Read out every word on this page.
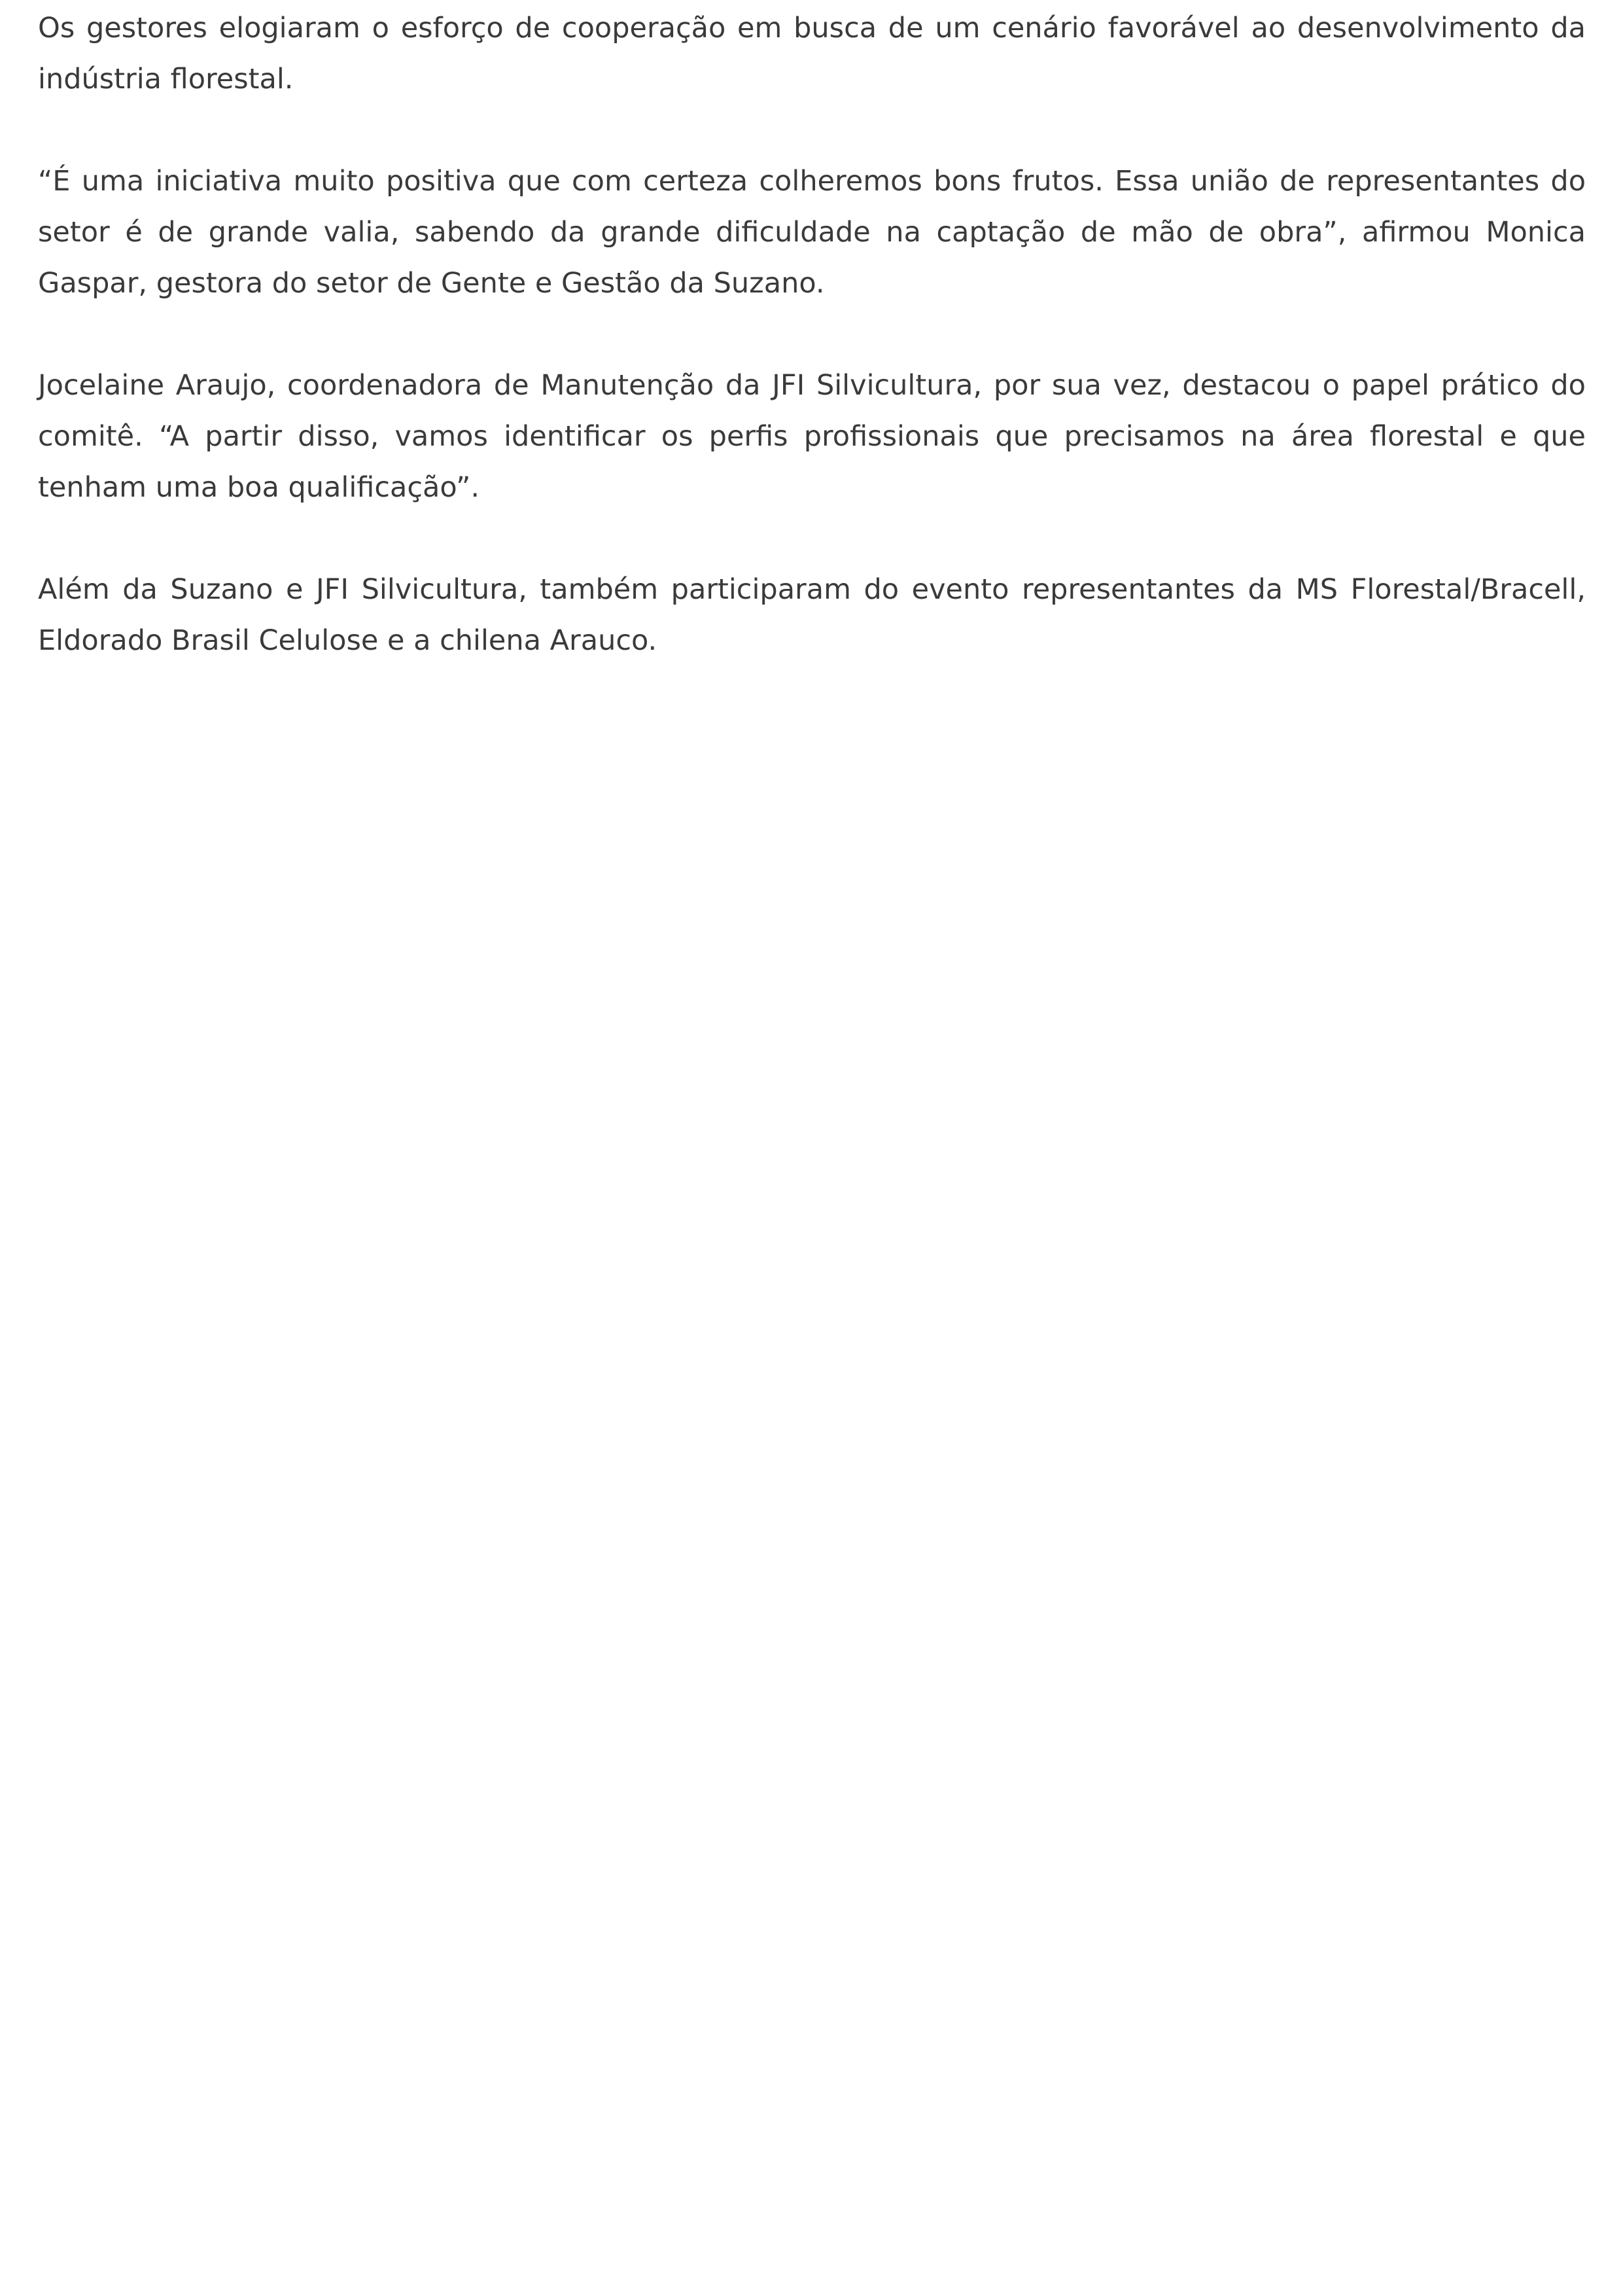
Os gestores elogiaram o esforço de cooperação em busca de um cenário favorável ao desenvolvimento da indústria florestal.

“É uma iniciativa muito positiva que com certeza colheremos bons frutos. Essa união de representantes do setor é de grande valia, sabendo da grande dificuldade na captação de mão de obra”, afirmou Monica Gaspar, gestora do setor de Gente e Gestão da Suzano.

Jocelaine Araujo, coordenadora de Manutenção da JFI Silvicultura, por sua vez, destacou o papel prático do comitê. “A partir disso, vamos identificar os perfis profissionais que precisamos na área florestal e que tenham uma boa qualificação”.

Além da Suzano e JFI Silvicultura, também participaram do evento representantes da MS Florestal/Bracell, Eldorado Brasil Celulose e a chilena Arauco.
